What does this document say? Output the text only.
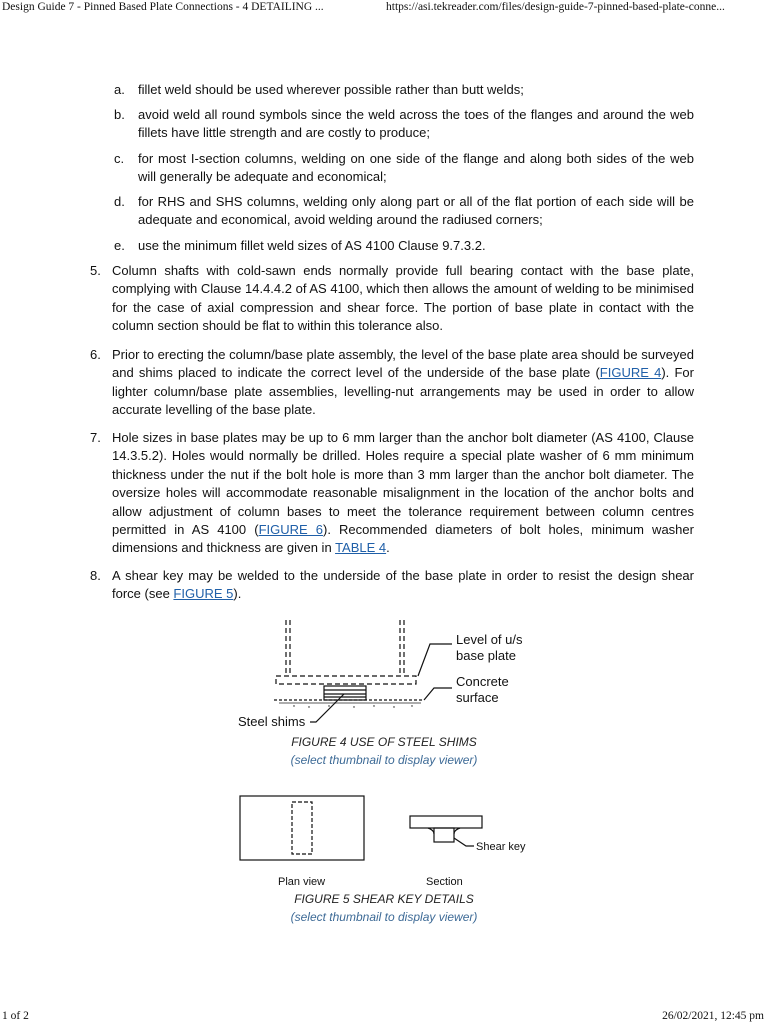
Design Guide 7 - Pinned Based Plate Connections - 4 DETAILING ...	https://asi.tekreader.com/files/design-guide-7-pinned-based-plate-conne...
a. fillet weld should be used wherever possible rather than butt welds;
b. avoid weld all round symbols since the weld across the toes of the flanges and around the web fillets have little strength and are costly to produce;
c. for most I-section columns, welding on one side of the flange and along both sides of the web will generally be adequate and economical;
d. for RHS and SHS columns, welding only along part or all of the flat portion of each side will be adequate and economical, avoid welding around the radiused corners;
e. use the minimum fillet weld sizes of AS 4100 Clause 9.7.3.2.
5. Column shafts with cold-sawn ends normally provide full bearing contact with the base plate, complying with Clause 14.4.4.2 of AS 4100, which then allows the amount of welding to be minimised for the case of axial compression and shear force. The portion of base plate in contact with the column section should be flat to within this tolerance also.
6. Prior to erecting the column/base plate assembly, the level of the base plate area should be surveyed and shims placed to indicate the correct level of the underside of the base plate (FIGURE 4). For lighter column/base plate assemblies, levelling-nut arrangements may be used in order to allow accurate levelling of the base plate.
7. Hole sizes in base plates may be up to 6 mm larger than the anchor bolt diameter (AS 4100, Clause 14.3.5.2). Holes would normally be drilled. Holes require a special plate washer of 6 mm minimum thickness under the nut if the bolt hole is more than 3 mm larger than the anchor bolt diameter. The oversize holes will accommodate reasonable misalignment in the location of the anchor bolts and allow adjustment of column bases to meet the tolerance requirement between column centres permitted in AS 4100 (FIGURE 6). Recommended diameters of bolt holes, minimum washer dimensions and thickness are given in TABLE 4.
8. A shear key may be welded to the underside of the base plate in order to resist the design shear force (see FIGURE 5).
Level of u/s
base plate
Concrete
surface
Steel shims
FIGURE 4 USE OF STEEL SHIMS
(select thumbnail to display viewer)
Shear key
Plan view	Section
FIGURE 5 SHEAR KEY DETAILS
(select thumbnail to display viewer)
1 of 2	26/02/2021, 12:45 pm
